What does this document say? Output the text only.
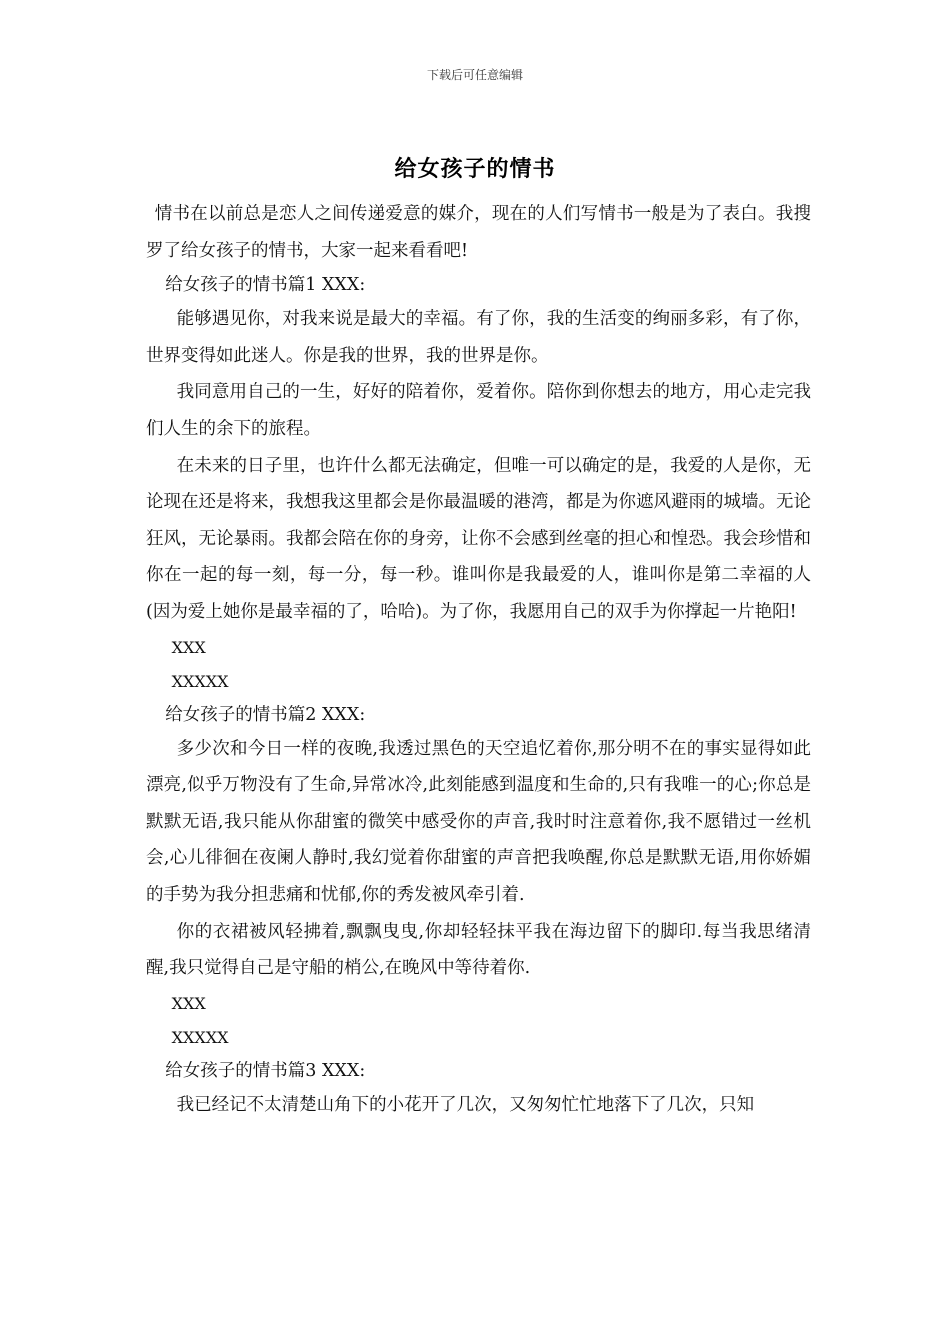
下载后可任意编辑
给女孩子的情书

情书在以前总是恋人之间传递爱意的媒介，现在的人们写情书一般是为了表白。我搜罗了给女孩子的情书，大家一起来看看吧!

给女孩子的情书篇1 XXX:

能够遇见你，对我来说是最大的幸福。有了你，我的生活变的绚丽多彩，有了你，世界变得如此迷人。你是我的世界，我的世界是你。

我同意用自己的一生，好好的陪着你，爱着你。陪你到你想去的地方，用心走完我们人生的余下的旅程。

在未来的日子里，也许什么都无法确定，但唯一可以确定的是，我爱的人是你，无论现在还是将来，我想我这里都会是你最温暖的港湾，都是为你遮风避雨的城墙。无论狂风，无论暴雨。我都会陪在你的身旁，让你不会感到丝毫的担心和惶恐。我会珍惜和你在一起的每一刻，每一分，每一秒。谁叫你是我最爱的人，谁叫你是第二幸福的人(因为爱上她你是最幸福的了，哈哈)。为了你，我愿用自己的双手为你撑起一片艳阳!

XXX

XXXXX

给女孩子的情书篇2 XXX:

多少次和今日一样的夜晚,我透过黑色的天空追忆着你,那分明不在的事实显得如此漂亮,似乎万物没有了生命,异常冰冷,此刻能感到温度和生命的,只有我唯一的心;你总是默默无语,我只能从你甜蜜的微笑中感受你的声音,我时时注意着你,我不愿错过一丝机会,心儿徘徊在夜阑人静时,我幻觉着你甜蜜的声音把我唤醒,你总是默默无语,用你娇媚的手势为我分担悲痛和忧郁,你的秀发被风牵引着.

你的衣裙被风轻拂着,飘飘曳曳,你却轻轻抹平我在海边留下的脚印.每当我思绪清醒,我只觉得自己是守船的梢公,在晚风中等待着你.

XXX

XXXXX

给女孩子的情书篇3 XXX:

我已经记不太清楚山角下的小花开了几次，又匆匆忙忙地落下了几次，只知
